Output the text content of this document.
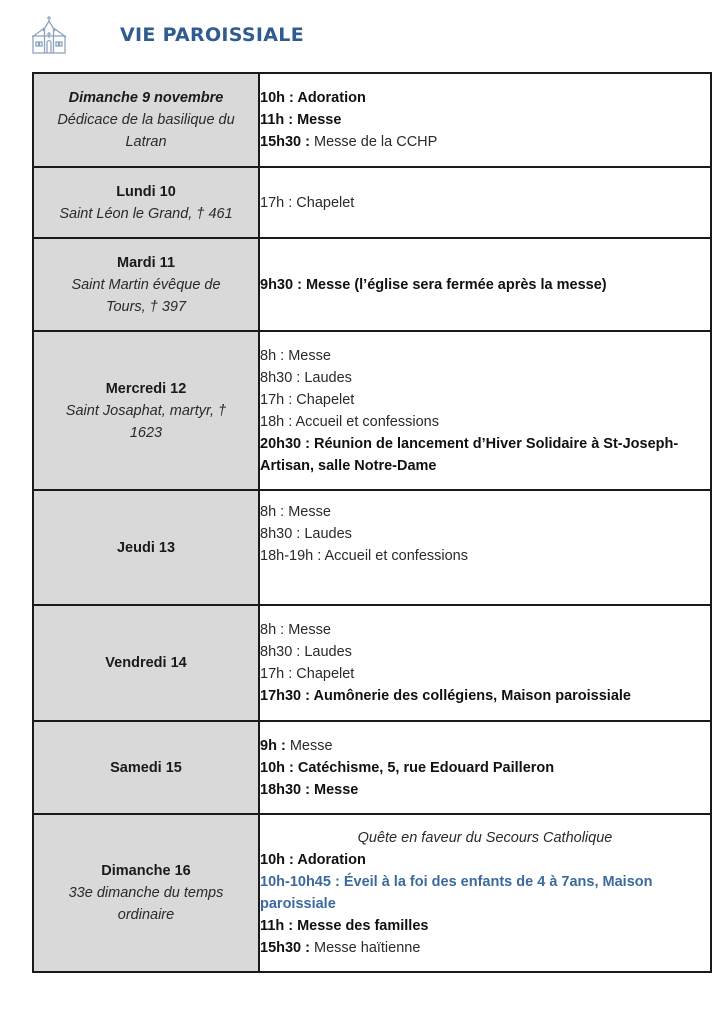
VIE PAROISSIALE
Dimanche 9 novembre
Dédicace de la basilique du Latran	10h : Adoration
11h : Messe
15h30 : Messe de la CCHP

Lundi 10
Saint Léon le Grand, † 461	17h : Chapelet

Mardi 11
Saint Martin évêque de Tours, † 397	9h30 : Messe (l’église sera fermée après la messe)

Mercredi 12
Saint Josaphat, martyr, † 1623	8h : Messe
8h30 : Laudes
17h : Chapelet
18h : Accueil et confessions
20h30 : Réunion de lancement d’Hiver Solidaire à St-Joseph-Artisan, salle Notre-Dame

Jeudi 13	8h : Messe
8h30 : Laudes
18h-19h : Accueil et confessions

Vendredi 14	8h : Messe
8h30 : Laudes
17h : Chapelet
17h30 : Aumônerie des collégiens, Maison paroissiale

Samedi 15	9h : Messe
10h : Catéchisme, 5, rue Edouard Pailleron
18h30 : Messe

Dimanche 16
33e dimanche du temps ordinaire	Quête en faveur du Secours Catholique
10h : Adoration
10h-10h45 : Éveil à la foi des enfants de 4 à 7ans, Maison paroissiale
11h : Messe des familles
15h30 : Messe haïtienne
